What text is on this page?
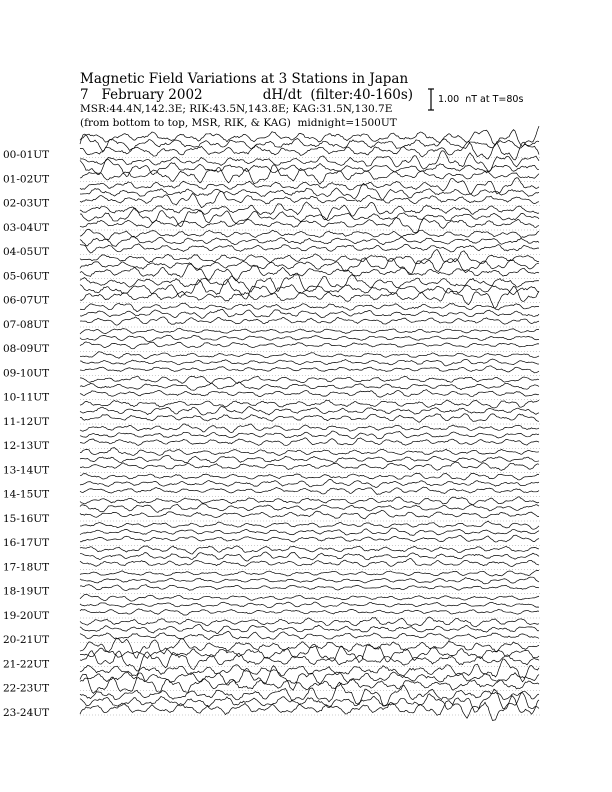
Magnetic Field Variations at 3 Stations in Japan
7   February 2002	dH/dt  (filter:40-160s)
MSR:44.4N,142.3E; RIK:43.5N,143.8E; KAG:31.5N,130.7E
(from bottom to top, MSR, RIK, & KAG)  midnight=1500UT
1.00  nT at T=80s
00-01UT
01-02UT
02-03UT
03-04UT
04-05UT
05-06UT
06-07UT
07-08UT
08-09UT
09-10UT
10-11UT
11-12UT
12-13UT
13-14UT
14-15UT
15-16UT
16-17UT
17-18UT
18-19UT
19-20UT
20-21UT
21-22UT
22-23UT
23-24UT
